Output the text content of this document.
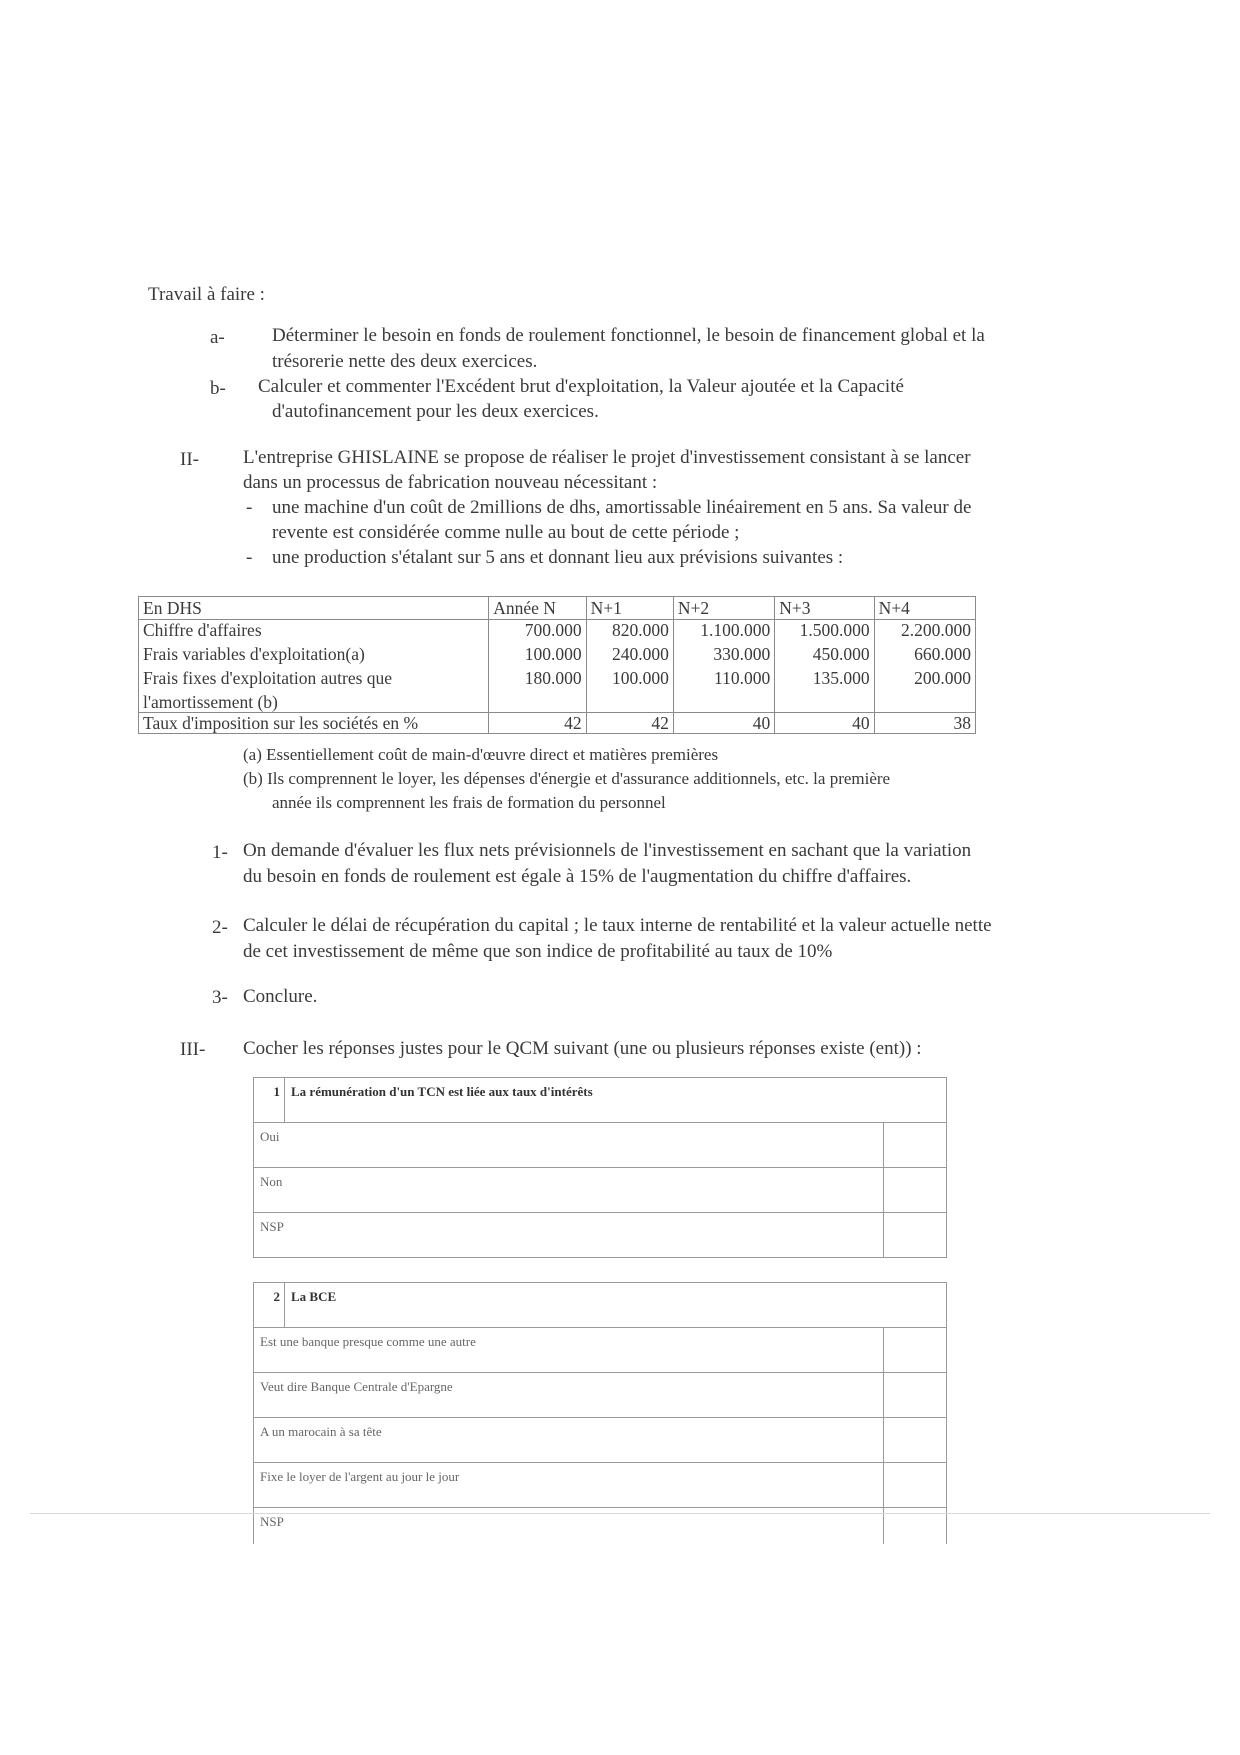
Travail à faire :
a- Déterminer le besoin en fonds de roulement fonctionnel, le besoin de financement global et la
trésorerie nette des deux exercices.
b- Calculer et commenter l'Excédent brut d'exploitation, la Valeur ajoutée et la Capacité
d'autofinancement pour les deux exercices.
II- L'entreprise GHISLAINE se propose de réaliser le projet d'investissement consistant à se lancer
dans un processus de fabrication nouveau nécessitant :
- une machine d'un coût de 2millions de dhs, amortissable linéairement en 5 ans. Sa valeur de
revente est considérée comme nulle au bout de cette période ;
- une production s'étalant sur 5 ans et donnant lieu aux prévisions suivantes :
En DHS	Année N	N+1	N+2	N+3	N+4
Chiffre d'affaires	700.000	820.000	1.100.000	1.500.000	2.200.000
Frais variables d'exploitation(a)	100.000	240.000	330.000	450.000	660.000

Frais fixes d'exploitation autres que
l'amortissement (b)	180.000	100.000	110.000	135.000	200.000
Taux d'imposition sur les sociétés en %	42	42	40	40	38
(a) Essentiellement coût de main-d'œuvre direct et matières premières
(b) Ils comprennent le loyer, les dépenses d'énergie et d'assurance additionnels, etc. la première
année ils comprennent les frais de formation du personnel
1- On demande d'évaluer les flux nets prévisionnels de l'investissement en sachant que la variation
du besoin en fonds de roulement est égale à 15% de l'augmentation du chiffre d'affaires.
2- Calculer le délai de récupération du capital ; le taux interne de rentabilité et la valeur actuelle nette
de cet investissement de même que son indice de profitabilité au taux de 10%
3- Conclure.
III- Cocher les réponses justes pour le QCM suivant (une ou plusieurs réponses existe (ent)) :
1	La rémunération d'un TCN est liée aux taux d'intérêts	
Oui		
Non		
NSP		
2	La BCE	
Est une banque presque comme une autre		
Veut dire Banque Centrale d'Epargne		
A un marocain à sa tête		
Fixe le loyer de l'argent au jour le jour		
NSP		
